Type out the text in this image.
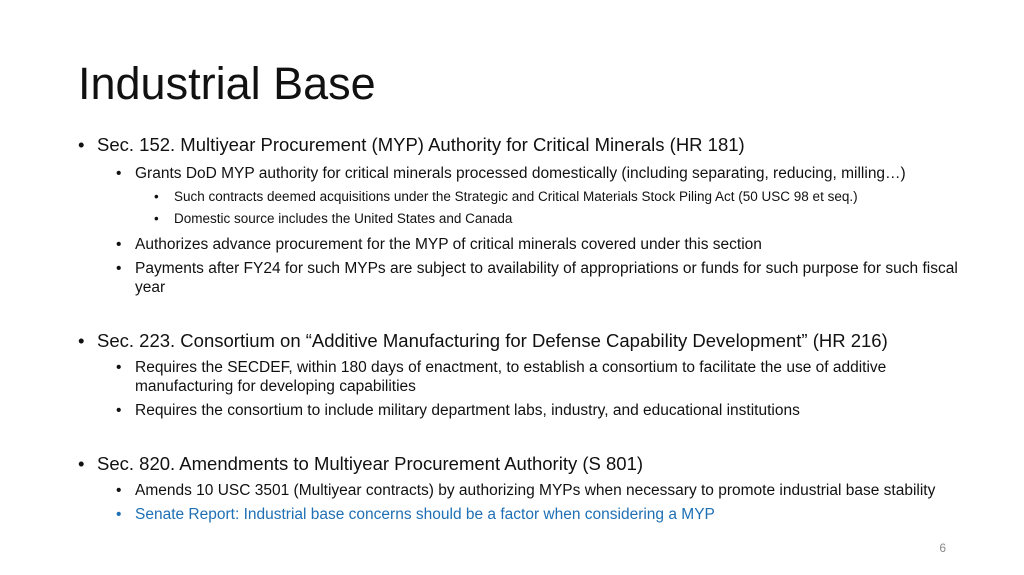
Industrial Base
• Sec. 152. Multiyear Procurement (MYP) Authority for Critical Minerals (HR 181)
• Grants DoD MYP authority for critical minerals processed domestically (including separating, reducing, milling…)
• Such contracts deemed acquisitions under the Strategic and Critical Materials Stock Piling Act (50 USC 98 et seq.)
• Domestic source includes the United States and Canada
• Authorizes advance procurement for the MYP of critical minerals covered under this section
• Payments after FY24 for such MYPs are subject to availability of appropriations or funds for such purpose for such fiscal year
• Sec. 223. Consortium on “Additive Manufacturing for Defense Capability Development” (HR 216)
• Requires the SECDEF, within 180 days of enactment, to establish a consortium to facilitate the use of additive manufacturing for developing capabilities
• Requires the consortium to include military department labs, industry, and educational institutions
• Sec. 820. Amendments to Multiyear Procurement Authority (S 801)
• Amends 10 USC 3501 (Multiyear contracts) by authorizing MYPs when necessary to promote industrial base stability
• Senate Report: Industrial base concerns should be a factor when considering a MYP
6
